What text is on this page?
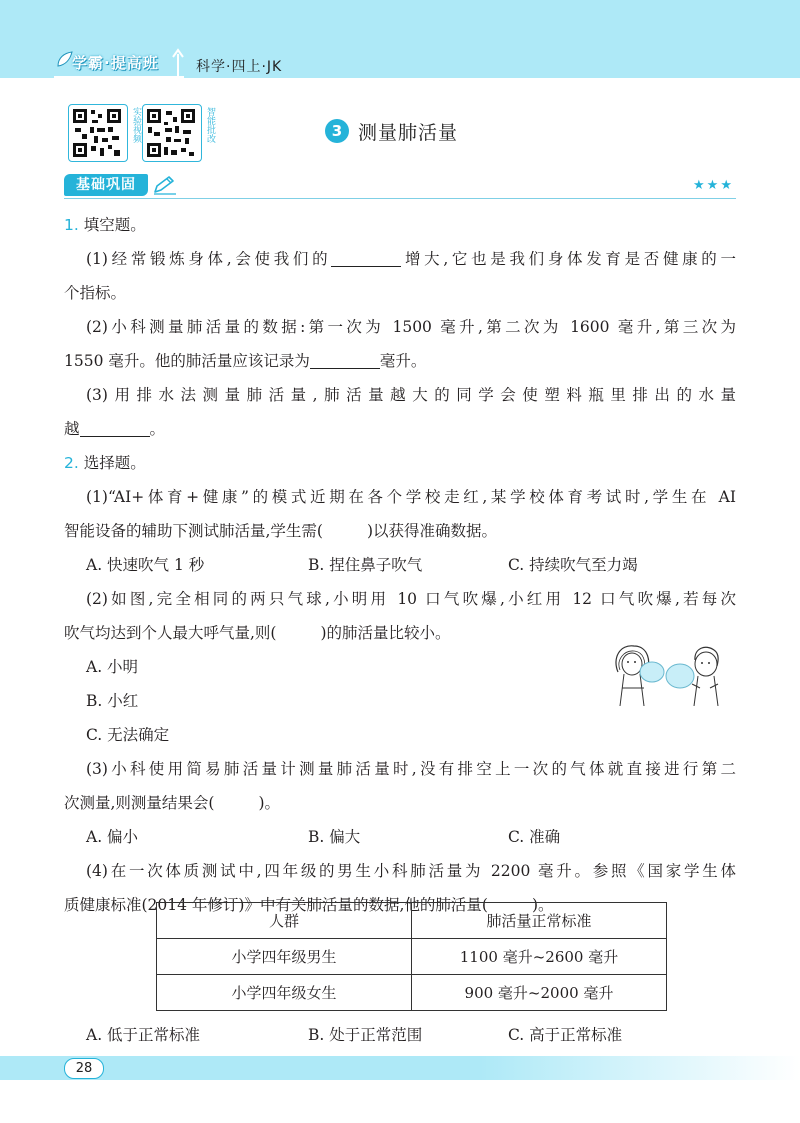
学霸·提高班	科学·四上·JK
实验视频	智能批改	3 测量肺活量
基础巩固	★★★
1. 填空题。
(1)经常锻炼身体,会使我们的	增大,它也是我们身体发育是否健康的一
个指标。
(2)小科测量肺活量的数据:第一次为 1500 毫升,第二次为 1600 毫升,第三次为
1550 毫升。他的肺活量应该记录为	毫升。
(3)用排水法测量肺活量,肺活量越大的同学会使塑料瓶里排出的水量
越	。
2. 选择题。
(1)“AI+体育+健康”的模式近期在各个学校走红,某学校体育考试时,学生在 AI
智能设备的辅助下测试肺活量,学生需(	)以获得准确数据。
A. 快速吹气 1 秒	B. 捏住鼻子吹气	C. 持续吹气至力竭
(2)如图,完全相同的两只气球,小明用 10 口气吹爆,小红用 12 口气吹爆,若每次
吹气均达到个人最大呼气量,则(	)的肺活量比较小。
A. 小明
B. 小红
C. 无法确定
(3)小科使用简易肺活量计测量肺活量时,没有排空上一次的气体就直接进行第二
次测量,则测量结果会(	)。
A. 偏小	B. 偏大	C. 准确
(4)在一次体质测试中,四年级的男生小科肺活量为 2200 毫升。参照《国家学生体
质健康标准(2014 年修订)》中有关肺活量的数据,他的肺活量(	)。
人群	肺活量正常标准
小学四年级男生	1100 毫升~2600 毫升
小学四年级女生	900 毫升~2000 毫升
A. 低于正常标准	B. 处于正常范围	C. 高于正常标准
28
